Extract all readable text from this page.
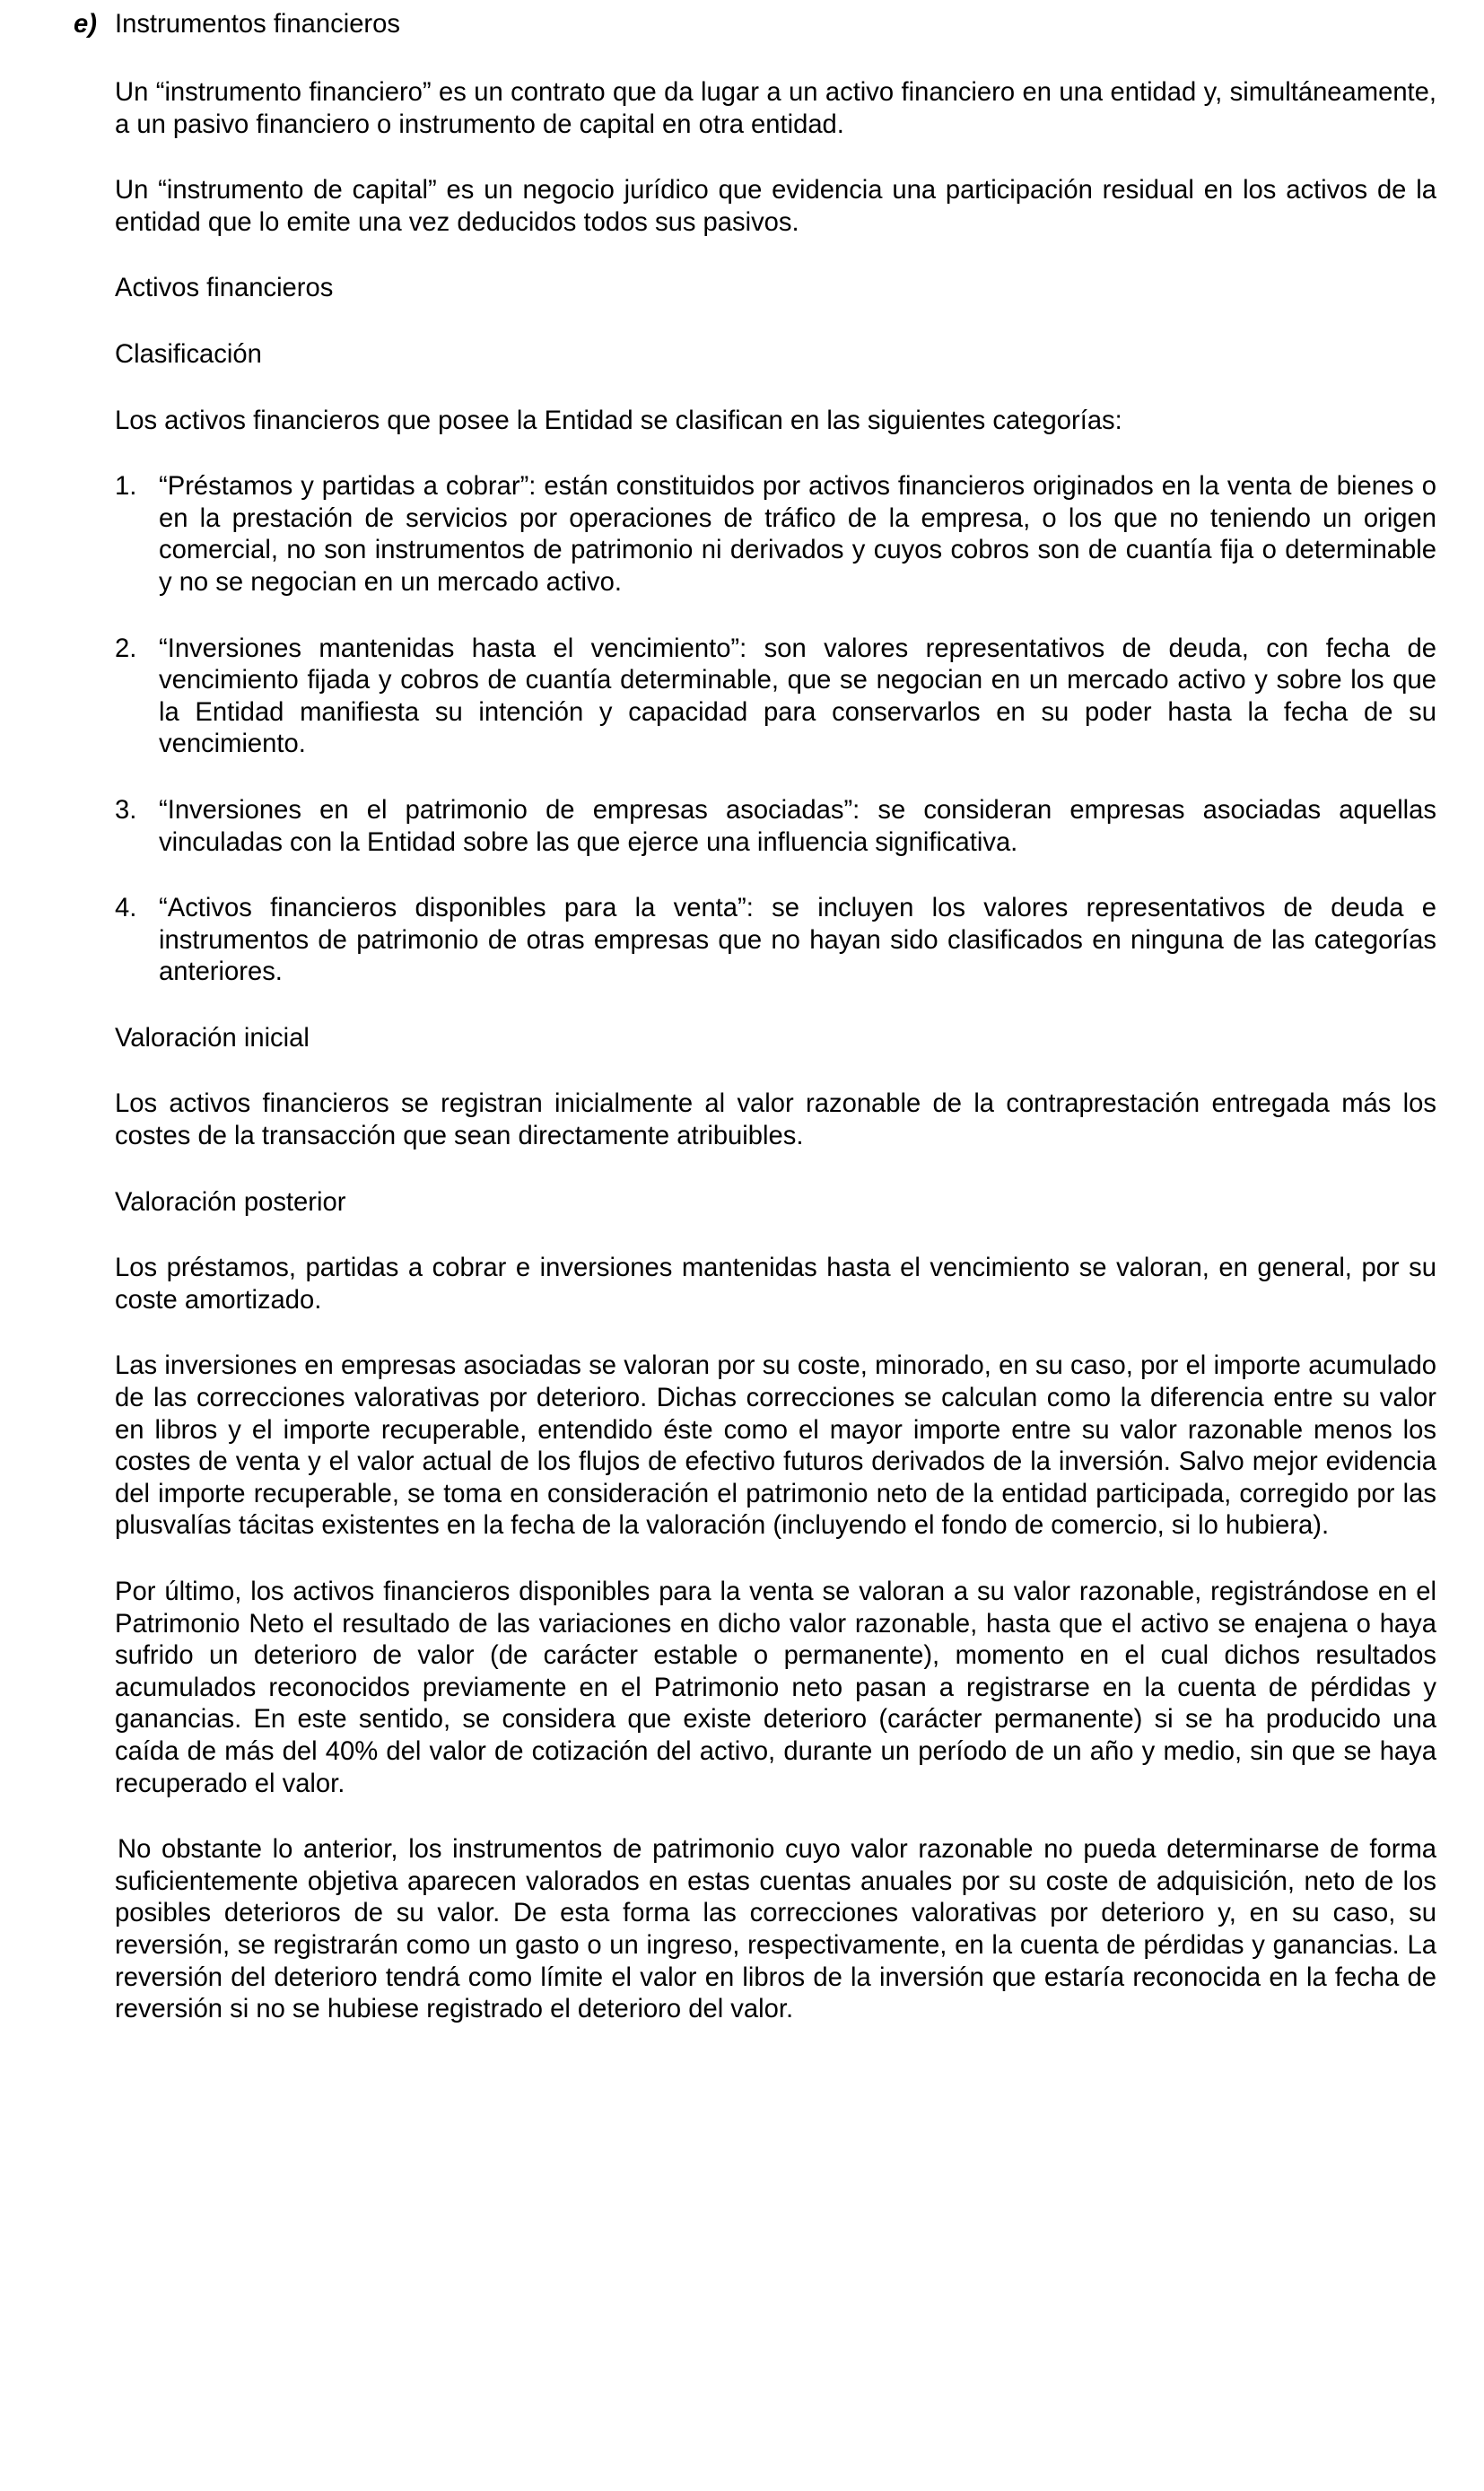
e) Instrumentos financieros

Un “instrumento financiero” es un contrato que da lugar a un activo financiero en una entidad y, simultáneamente, a un pasivo financiero o instrumento de capital en otra entidad.

Un “instrumento de capital” es un negocio jurídico que evidencia una participación residual en los activos de la entidad que lo emite una vez deducidos todos sus pasivos.

Activos financieros

Clasificación

Los activos financieros que posee la Entidad se clasifican en las siguientes categorías:

1. “Préstamos y partidas a cobrar”: están constituidos por activos financieros originados en la venta de bienes o en la prestación de servicios por operaciones de tráfico de la empresa, o los que no teniendo un origen comercial, no son instrumentos de patrimonio ni derivados y cuyos cobros son de cuantía fija o determinable y no se negocian en un mercado activo.
2. “Inversiones mantenidas hasta el vencimiento”: son valores representativos de deuda, con fecha de vencimiento fijada y cobros de cuantía determinable, que se negocian en un mercado activo y sobre los que la Entidad manifiesta su intención y capacidad para conservarlos en su poder hasta la fecha de su vencimiento.
3. “Inversiones en el patrimonio de empresas asociadas”: se consideran empresas asociadas aquellas vinculadas con la Entidad sobre las que ejerce una influencia significativa.
4. “Activos financieros disponibles para la venta”: se incluyen los valores representativos de deuda e instrumentos de patrimonio de otras empresas que no hayan sido clasificados en ninguna de las categorías anteriores.

Valoración inicial

Los activos financieros se registran inicialmente al valor razonable de la contraprestación entregada más los costes de la transacción que sean directamente atribuibles.

Valoración posterior

Los préstamos, partidas a cobrar e inversiones mantenidas hasta el vencimiento se valoran, en general, por su coste amortizado.

Las inversiones en empresas asociadas se valoran por su coste, minorado, en su caso, por el importe acumulado de las correcciones valorativas por deterioro. Dichas correcciones se calculan como la diferencia entre su valor en libros y el importe recuperable, entendido éste como el mayor importe entre su valor razonable menos los costes de venta y el valor actual de los flujos de efectivo futuros derivados de la inversión. Salvo mejor evidencia del importe recuperable, se toma en consideración el patrimonio neto de la entidad participada, corregido por las plusvalías tácitas existentes en la fecha de la valoración (incluyendo el fondo de comercio, si lo hubiera).

Por último, los activos financieros disponibles para la venta se valoran a su valor razonable, registrándose en el Patrimonio Neto el resultado de las variaciones en dicho valor razonable, hasta que el activo se enajena o haya sufrido un deterioro de valor (de carácter estable o permanente), momento en el cual dichos resultados acumulados reconocidos previamente en el Patrimonio neto pasan a registrarse en la cuenta de pérdidas y ganancias. En este sentido, se considera que existe deterioro (carácter permanente) si se ha producido una caída de más del 40% del valor de cotización del activo, durante un período de un año y medio, sin que se haya recuperado el valor.

No obstante lo anterior, los instrumentos de patrimonio cuyo valor razonable no pueda determinarse de forma suficientemente objetiva aparecen valorados en estas cuentas anuales por su coste de adquisición, neto de los posibles deterioros de su valor. De esta forma las correcciones valorativas por deterioro y, en su caso, su reversión, se registrarán como un gasto o un ingreso, respectivamente, en la cuenta de pérdidas y ganancias. La reversión del deterioro tendrá como límite el valor en libros de la inversión que estaría reconocida en la fecha de reversión si no se hubiese registrado el deterioro del valor.
